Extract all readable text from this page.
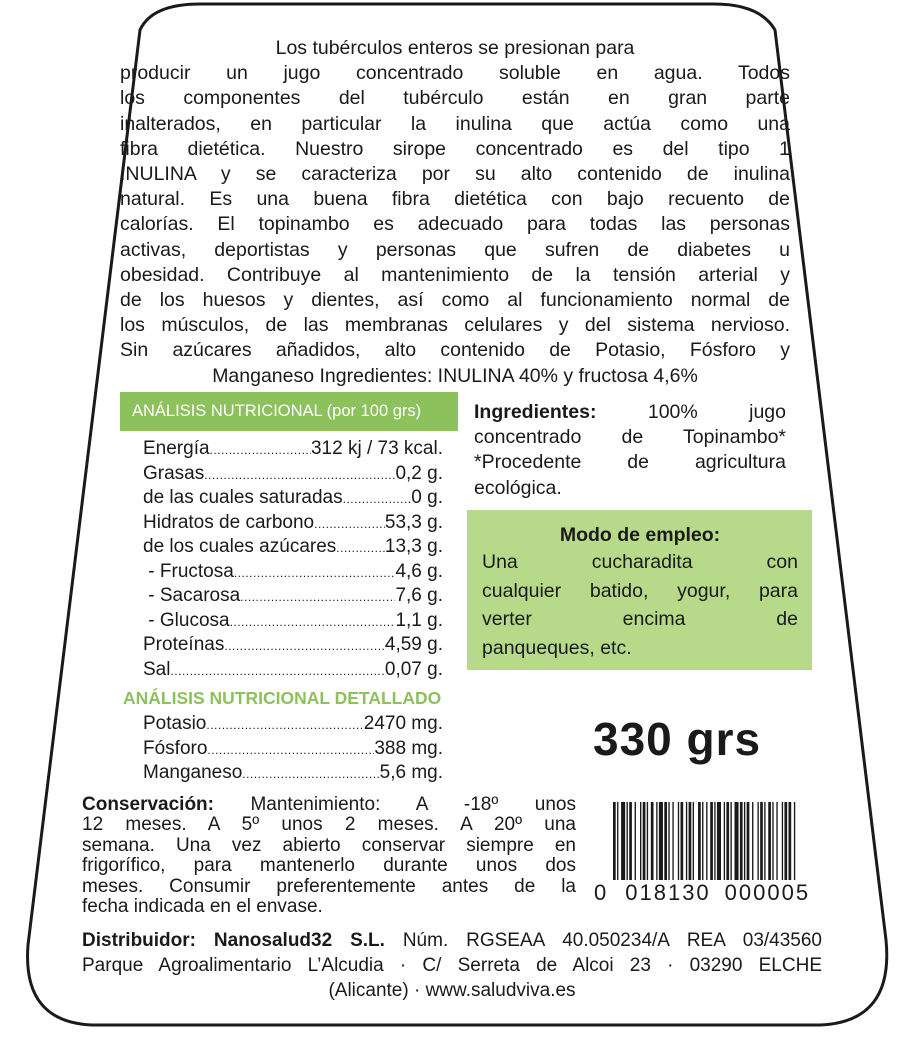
Los tubérculos enteros se presionan para
producir un jugo concentrado soluble en agua. Todos
los componentes del tubérculo están en gran parte
inalterados, en particular la inulina que actúa como una
fibra dietética. Nuestro sirope concentrado es del tipo 1
INULINA y se caracteriza por su alto contenido de inulina
natural. Es una buena fibra dietética con bajo recuento de
calorías. El topinambo es adecuado para todas las personas
activas, deportistas y personas que sufren de diabetes u
obesidad. Contribuye al mantenimiento de la tensión arterial y
de los huesos y dientes, así como al funcionamiento normal de
los músculos, de las membranas celulares y del sistema nervioso.
Sin azúcares añadidos, alto contenido de Potasio, Fósforo y
Manganeso Ingredientes: INULINA 40% y fructosa 4,6%
ANÁLISIS NUTRICIONAL (por 100 grs)
Energía .....	312 kj / 73 kcal.
Grasas .....	0,2 g.
de las cuales saturadas .....	0 g.
Hidratos de carbono .....	53,3 g.
de los cuales azúcares .....	13,3 g.
- Fructosa .....	4,6 g.
- Sacarosa .....	7,6 g.
- Glucosa .....	1,1 g.
Proteínas .....	4,59 g.
Sal .....	0,07 g.
ANÁLISIS NUTRICIONAL DETALLADO
Potasio .....	2470 mg.
Fósforo .....	388 mg.
Manganeso .....	5,6 mg.
Ingredientes: 100% jugo concentrado de Topinambo* *Procedente de agricultura ecológica.
Modo de empleo:
Una cucharadita con
cualquier batido, yogur, para
verter encima de
panqueques, etc.
330 grs
Conservación: Mantenimiento: A -18º unos
12 meses. A 5º unos 2 meses. A 20º una
semana. Una vez abierto conservar siempre en
frigorífico, para mantenerlo durante unos dos
meses. Consumir preferentemente antes de la
fecha indicada en el envase.
0 018130 000005
Distribuidor: Nanosalud32 S.L. Núm. RGSEAA 40.050234/A REA 03/43560
Parque Agroalimentario L’Alcudia · C/ Serreta de Alcoi 23 · 03290 ELCHE
(Alicante) · www.saludviva.es
